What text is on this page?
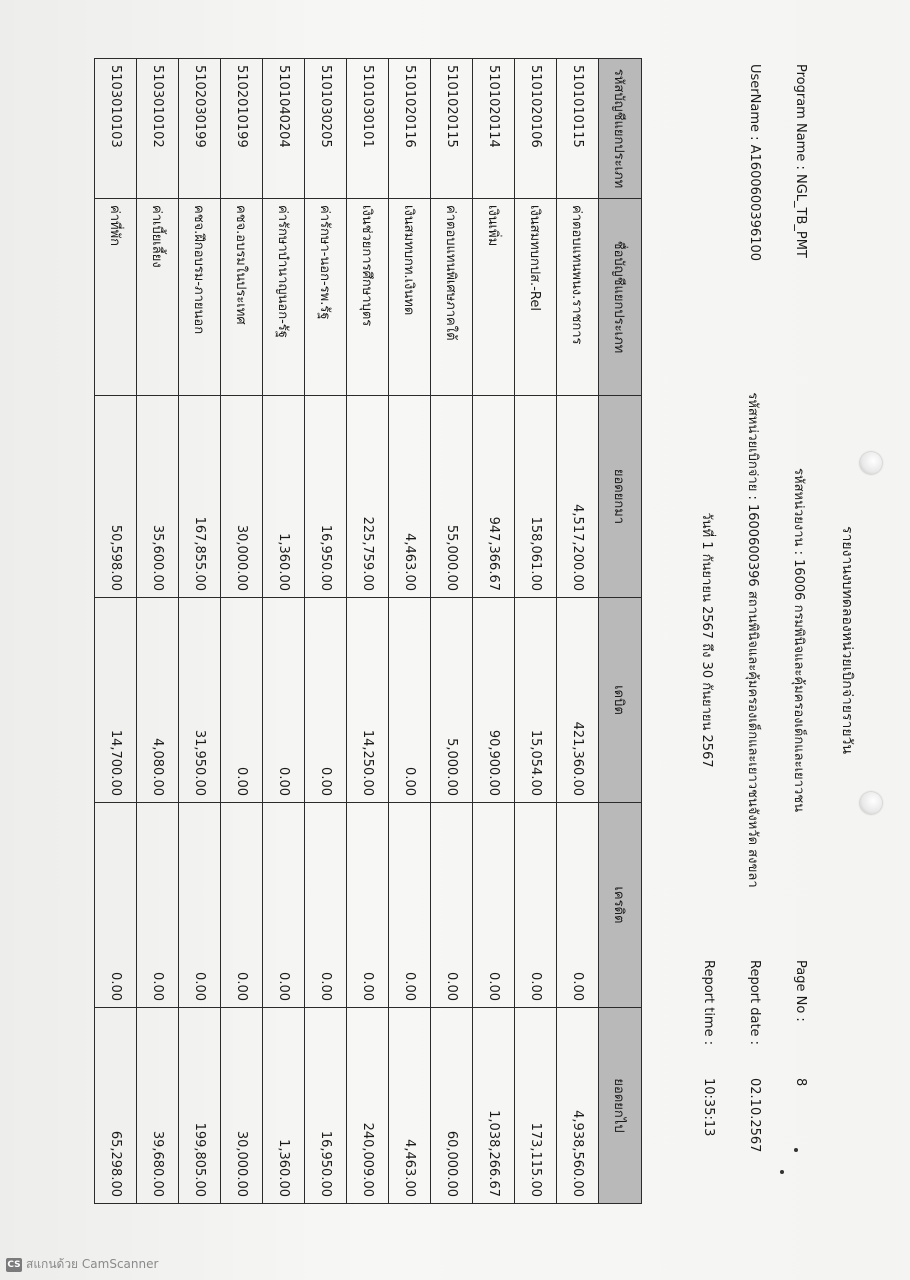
รายงานงบทดลองหน่วยเบิกจ่ายรายวัน
รหัสหน่วยงาน : 16006 กรมพินิจและคุ้มครองเด็กและเยาวชน
รหัสหน่วยเบิกจ่าย : 1600600396 สถานพินิจและคุ้มครองเด็กและเยาวชนจังหวัด สงขลา
วันที่ 1 กันยายน 2567 ถึง 30 กันยายน 2567
Program Name : NGL_TB_PMT
UserName : A1600600396100
Page No :
8
Report date :
02.10.2567
Report time :
10:35:13
รหัสบัญชีแยกประเภท	ชื่อบัญชีแยกประเภท	ยอดยกมา	เดบิต	เครดิต	ยอดยกไป
5101010115	ค่าตอบแทนพนง.ราชการ	4,517,200.00	421,360.00	0.00	4,938,560.00
5101020106	เงินสมทบกปส.-Rel	158,061.00	15,054.00	0.00	173,115.00
5101020114	เงินเพิ่ม	947,366.67	90,900.00	0.00	1,038,266.67
5101020115	ค่าตอบแทนพิเศษภาคใต้	55,000.00	5,000.00	0.00	60,000.00
5101020116	เงินสมทบกท.เงินทด	4,463.00	0.00	0.00	4,463.00
5101030101	เงินช่วยการศึกษาบุตร	225,759.00	14,250.00	0.00	240,009.00
5101030205	ค่ารักษา-นอก-รพ.รัฐ	16,950.00	0.00	0.00	16,950.00
5101040204	ค่ารักษาบำนาญนอก-รัฐ	1,360.00	0.00	0.00	1,360.00
5102010199	คชจ.อบรมในประเทศ	30,000.00	0.00	0.00	30,000.00
5102030199	คชจ.ฝึกอบรม-ภายนอก	167,855.00	31,950.00	0.00	199,805.00
5103010102	ค่าเบี้ยเลี้ยง	35,600.00	4,080.00	0.00	39,680.00
5103010103	ค่าที่พัก	50,598.00	14,700.00	0.00	65,298.00
CS สแกนด้วย CamScanner
